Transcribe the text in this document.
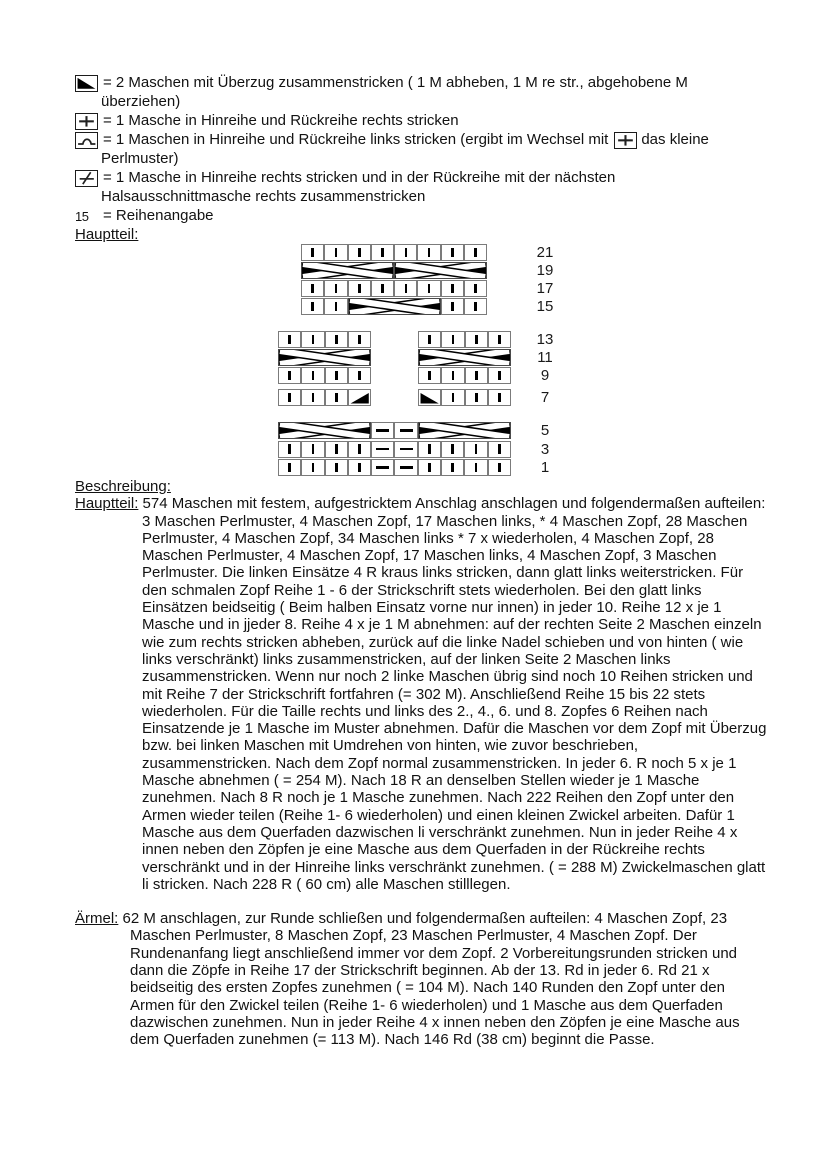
= 2 Maschen mit Überzug zusammenstricken ( 1 M abheben, 1 M re str., abgehobene M
überziehen)
= 1 Masche in Hinreihe und Rückreihe rechts stricken
= 1 Maschen in Hinreihe und Rückreihe links stricken (ergibt im Wechsel mit das kleine
Perlmuster)
= 1 Masche in Hinreihe rechts stricken und in der Rückreihe mit der nächsten
Halsausschnittmasche rechts zusammenstricken
15 = Reihenangabe
Hauptteil:
21
19
17
15
13
11
9
7
5
3
1
Beschreibung:

Hauptteil: 574 Maschen mit festem, aufgestricktem Anschlag anschlagen und folgendermaßen aufteilen: 3 Maschen Perlmuster, 4 Maschen Zopf, 17 Maschen links, * 4 Maschen Zopf, 28 Maschen Perlmuster, 4 Maschen Zopf, 34 Maschen links * 7 x wiederholen, 4 Maschen Zopf, 28 Maschen Perlmuster, 4 Maschen Zopf, 17 Maschen links, 4 Maschen Zopf, 3 Maschen Perlmuster. Die linken Einsätze 4 R kraus links stricken, dann glatt links weiterstricken. Für den schmalen Zopf Reihe 1 - 6 der Strickschrift stets wiederholen. Bei den glatt links Einsätzen beidseitig ( Beim halben Einsatz vorne nur innen) in jeder 10. Reihe 12 x je 1 Masche und in jjeder 8. Reihe 4 x je 1 M abnehmen: auf der rechten Seite 2 Maschen einzeln wie zum rechts stricken abheben, zurück auf die linke Nadel schieben und von hinten ( wie links verschränkt) links zusammenstricken, auf der linken Seite 2 Maschen links zusammenstricken. Wenn nur noch 2 linke Maschen übrig sind noch 10 Reihen stricken und mit Reihe 7 der Strickschrift fortfahren (= 302 M). Anschließend Reihe 15 bis 22 stets wiederholen. Für die Taille rechts und links des 2., 4., 6. und 8. Zopfes 6 Reihen nach Einsatzende je 1 Masche im Muster abnehmen. Dafür die Maschen vor dem Zopf mit Überzug bzw. bei linken Maschen mit Umdrehen von hinten, wie zuvor beschrieben, zusammenstricken. Nach dem Zopf normal zusammenstricken. In jeder 6. R noch 5 x je 1 Masche abnehmen ( = 254 M). Nach 18 R an denselben Stellen wieder je 1 Masche zunehmen. Nach 8 R noch je 1 Masche zunehmen. Nach 222 Reihen den Zopf unter den Armen wieder teilen (Reihe 1- 6 wiederholen) und einen kleinen Zwickel arbeiten. Dafür 1 Masche aus dem Querfaden dazwischen li verschränkt zunehmen. Nun in jeder Reihe 4 x innen neben den Zöpfen je eine Masche aus dem Querfaden in der Rückreihe rechts verschränkt und in der Hinreihe links verschränkt zunehmen. ( = 288 M) Zwickelmaschen glatt li stricken. Nach 228 R ( 60 cm) alle Maschen stilllegen.

Ärmel: 62 M anschlagen, zur Runde schließen und folgendermaßen aufteilen: 4 Maschen Zopf, 23 Maschen Perlmuster, 8 Maschen Zopf, 23 Maschen Perlmuster, 4 Maschen Zopf. Der Rundenanfang liegt anschließend immer vor dem Zopf. 2 Vorbereitungsrunden stricken und dann die Zöpfe in Reihe 17 der Strickschrift beginnen. Ab der 13. Rd in jeder 6. Rd 21 x beidseitig des ersten Zopfes zunehmen ( = 104 M). Nach 140 Runden den Zopf unter den Armen für den Zwickel teilen (Reihe 1- 6 wiederholen) und 1 Masche aus dem Querfaden dazwischen zunehmen. Nun in jeder Reihe 4 x innen neben den Zöpfen je eine Masche aus dem Querfaden zunehmen (= 113 M). Nach 146 Rd (38 cm) beginnt die Passe.
